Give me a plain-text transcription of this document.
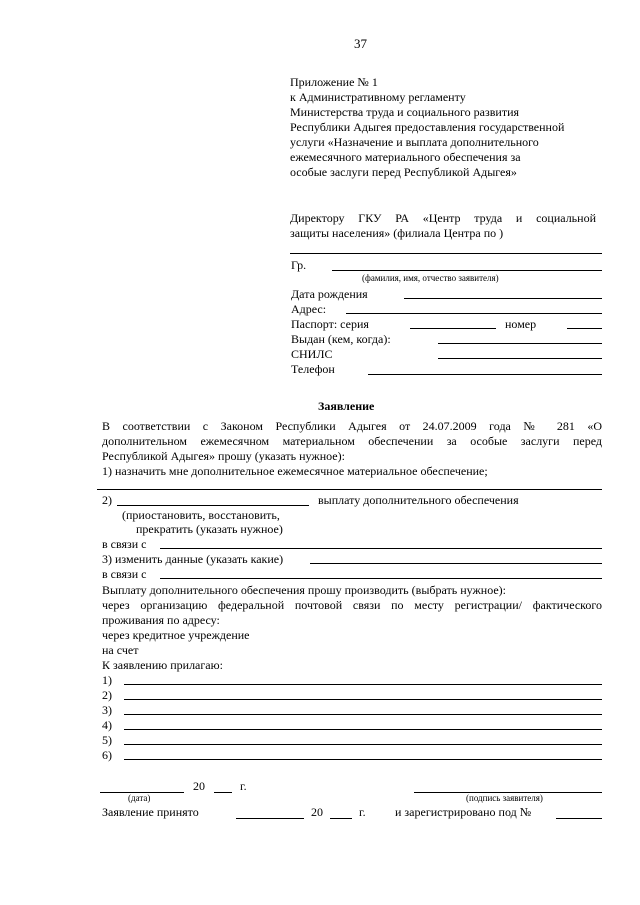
37
Приложение № 1
к Административному регламенту
Министерства труда и социального развития
Республики Адыгея предоставления государственной
услуги «Назначение и выплата дополнительного
ежемесячного материального обеспечения за
особые заслуги перед Республикой Адыгея»
Директору ГКУ РА «Центр труда и социальной
защиты населения» (филиала Центра по )
Гр.
(фамилия, имя, отчество заявителя)
Дата рождения
Адрес:
Паспорт: серия	номер
Выдан (кем, когда):
СНИЛС
Телефон
Заявление
В соответствии с Законом Республики Адыгея от 24.07.2009 года № 281 «О
дополнительном ежемесячном материальном обеспечении за особые заслуги перед
Республикой Адыгея» прошу (указать нужное):
1) назначить мне дополнительное ежемесячное материальное обеспечение;
2)	выплату дополнительного обеспечения
(приостановить, восстановить,
прекратить (указать нужное)
в связи с
3) изменить данные (указать какие)
в связи с
Выплату дополнительного обеспечения прошу производить (выбрать нужное):
через организацию федеральной почтовой связи по месту регистрации/ фактического
проживания по адресу:
через кредитное учреждение
на счет
К заявлению прилагаю:
1)
2)
3)
4)
5)
6)
20	г.
(дата)	(подпись заявителя)
Заявление принято	20	г. и зарегистрировано под №
